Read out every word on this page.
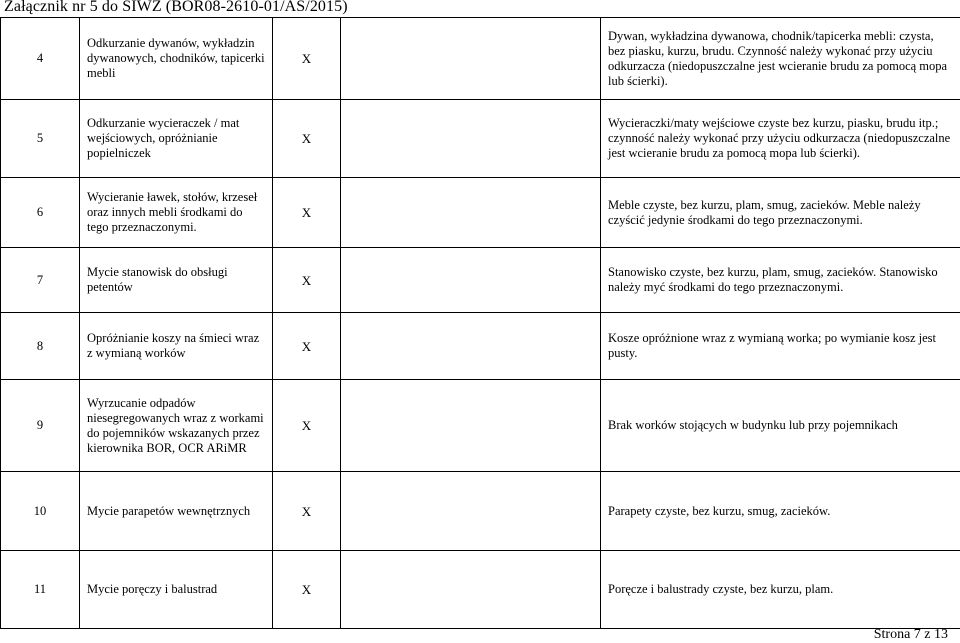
Załącznik nr 5 do SIWZ (BOR08-2610-01/AS/2015)
4	Odkurzanie dywanów, wykładzin dywanowych, chodników, tapicerki mebli	X		Dywan, wykładzina dywanowa, chodnik/tapicerka mebli: czysta, bez piasku, kurzu, brudu. Czynność należy wykonać przy użyciu odkurzacza (niedopuszczalne jest wcieranie brudu za pomocą mopa lub ścierki).
5	Odkurzanie wycieraczek / mat wejściowych, opróżnianie popielniczek	X		Wycieraczki/maty wejściowe czyste bez kurzu, piasku, brudu itp.; czynność należy wykonać przy użyciu odkurzacza (niedopuszczalne jest wcieranie brudu za pomocą mopa lub ścierki).
6	Wycieranie ławek, stołów, krzeseł oraz innych mebli środkami do tego przeznaczonymi.	X		Meble czyste, bez kurzu, plam, smug, zacieków. Meble należy czyścić jedynie środkami do tego przeznaczonymi.
7	Mycie stanowisk do obsługi petentów	X		Stanowisko czyste, bez kurzu, plam, smug, zacieków. Stanowisko należy myć środkami do tego przeznaczonymi.
8	Opróżnianie koszy na śmieci wraz z wymianą worków	X		Kosze opróżnione wraz z wymianą worka; po wymianie kosz jest pusty.
9	Wyrzucanie odpadów niesegregowanych wraz z workami do pojemników wskazanych przez kierownika BOR, OCR ARiMR	X		Brak worków stojących w budynku lub przy pojemnikach
10	Mycie parapetów wewnętrznych	X		Parapety czyste, bez kurzu, smug, zacieków.
11	Mycie poręczy i balustrad	X		Poręcze i balustrady czyste, bez kurzu, plam.
Strona 7 z 13
